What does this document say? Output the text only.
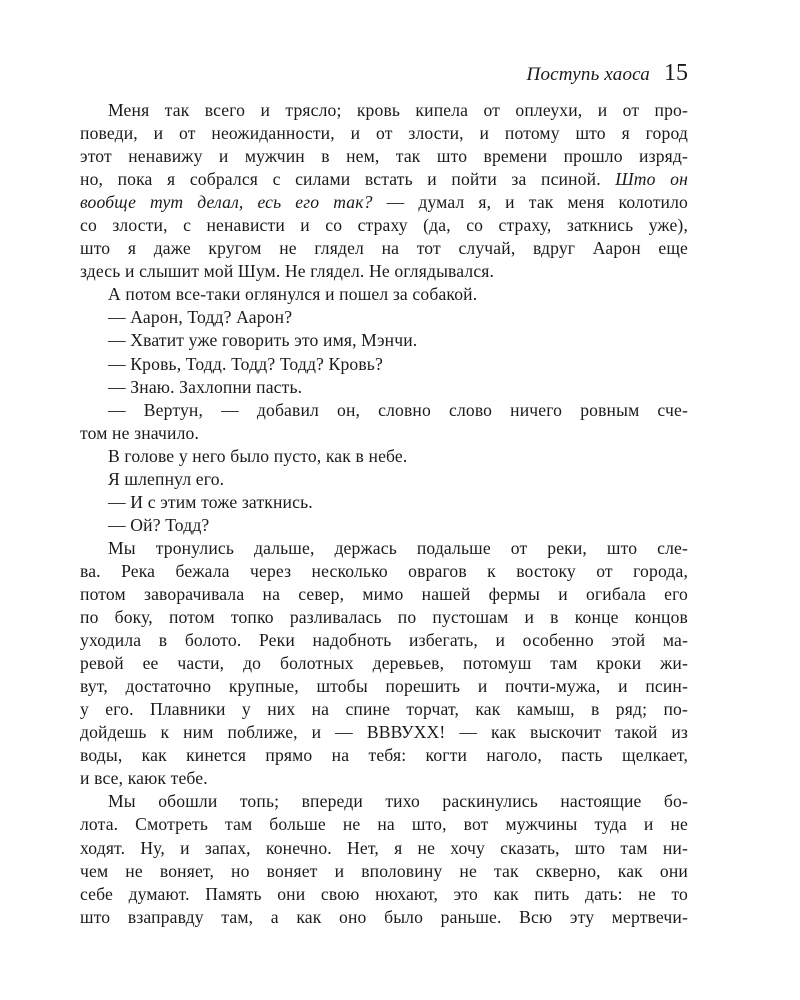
Поступь хаоса 15
Меня так всего и трясло; кровь кипела от оплеухи, и от про-
поведи, и от неожиданности, и от злости, и потому што я город
этот ненавижу и мужчин в нем, так што времени прошло изряд-
но, пока я собрался с силами встать и пойти за псиной. Што он
вообще тут делал, есь его так? — думал я, и так меня колотило
со злости, с ненависти и со страху (да, со страху, заткнись уже),
што я даже кругом не глядел на тот случай, вдруг Аарон еще
здесь и слышит мой Шум. Не глядел. Не оглядывался.
А потом все-таки оглянулся и пошел за собакой.
— Аарон, Тодд? Аарон?
— Хватит уже говорить это имя, Мэнчи.
— Кровь, Тодд. Тодд? Тодд? Кровь?
— Знаю. Захлопни пасть.
— Вертун, — добавил он, словно слово ничего ровным сче-
том не значило.
В голове у него было пусто, как в небе.
Я шлепнул его.
— И с этим тоже заткнись.
— Ой? Тодд?
Мы тронулись дальше, держась подальше от реки, што сле-
ва. Река бежала через несколько оврагов к востоку от города,
потом заворачивала на север, мимо нашей фермы и огибала его
по боку, потом топко разливалась по пустошам и в конце концов
уходила в болото. Реки надобноть избегать, и особенно этой ма-
ревой ее части, до болотных деревьев, потомуш там кроки жи-
вут, достаточно крупные, штобы порешить и почти-мужа, и псин-
у его. Плавники у них на спине торчат, как камыш, в ряд; по-
дойдешь к ним поближе, и — ВВВУХХ! — как выскочит такой из
воды, как кинется прямо на тебя: когти наголо, пасть щелкает,
и все, каюк тебе.
Мы обошли топь; впереди тихо раскинулись настоящие бо-
лота. Смотреть там больше не на што, вот мужчины туда и не
ходят. Ну, и запах, конечно. Нет, я не хочу сказать, што там ни-
чем не воняет, но воняет и вполовину не так скверно, как они
себе думают. Память они свою нюхают, это как пить дать: не то
што взаправду там, а как оно было раньше. Всю эту мертвечи-
